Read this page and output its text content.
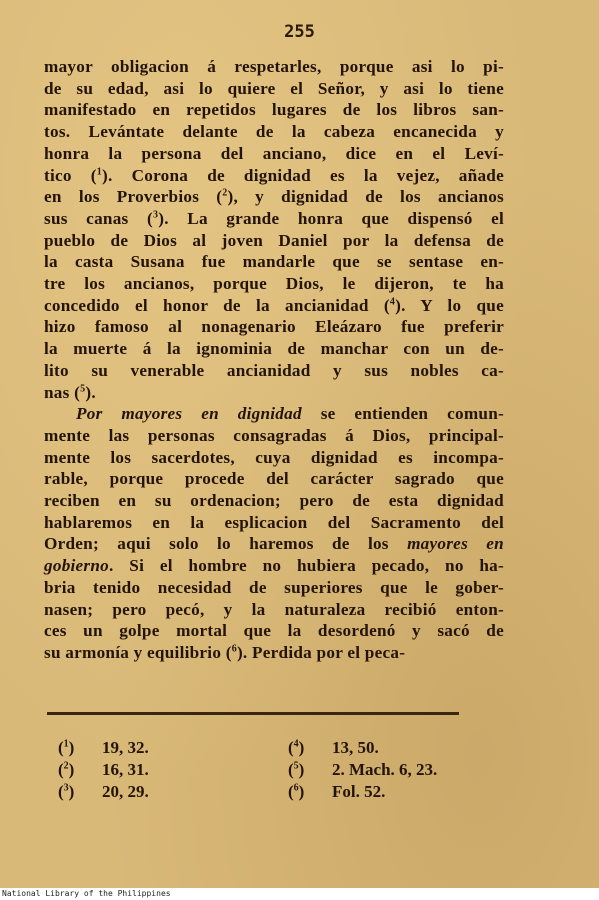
255
mayor obligacion á respetarles, porque asi lo pi-
de su edad, asi lo quiere el Señor, y asi lo tiene
manifestado en repetidos lugares de los libros san-
tos. Levántate delante de la cabeza encanecida y
honra la persona del anciano, dice en el Leví-
tico ($^1$). Corona de dignidad es la vejez, añade
en los Proverbios ($^2$), y dignidad de los ancianos
sus canas ($^3$). La grande honra que dispensó el
pueblo de Dios al joven Daniel por la defensa de
la casta Susana fue mandarle que se sentase en-
tre los ancianos, porque Dios, le dijeron, te ha
concedido el honor de la ancianidad ($^4$). Y lo que
hizo famoso al nonagenario Eleázaro fue preferir
la muerte á la ignominia de manchar con un de-
lito su venerable ancianidad y sus nobles ca-
nas ($^5$).
Por mayores en dignidad se entienden comun-
mente las personas consagradas á Dios, principal-
mente los sacerdotes, cuya dignidad es incompa-
rable, porque procede del carácter sagrado que
reciben en su ordenacion; pero de esta dignidad
hablaremos en la esplicacion del Sacramento del
Orden; aqui solo lo haremos de los mayores en
gobierno. Si el hombre no hubiera pecado, no ha-
bria tenido necesidad de superiores que le gober-
nasen; pero pecó, y la naturaleza recibió enton-
ces un golpe mortal que la desordenó y sacó de
su armonía y equilibrio ($^6$). Perdida por el peca-
($^1$) 19, 32.
($^2$) 16, 31.
($^3$) 20, 29.
($^4$) 13, 50.
($^5$) 2. Mach. 6, 23.
($^6$) Fol. 52.
National Library of the Philippines
